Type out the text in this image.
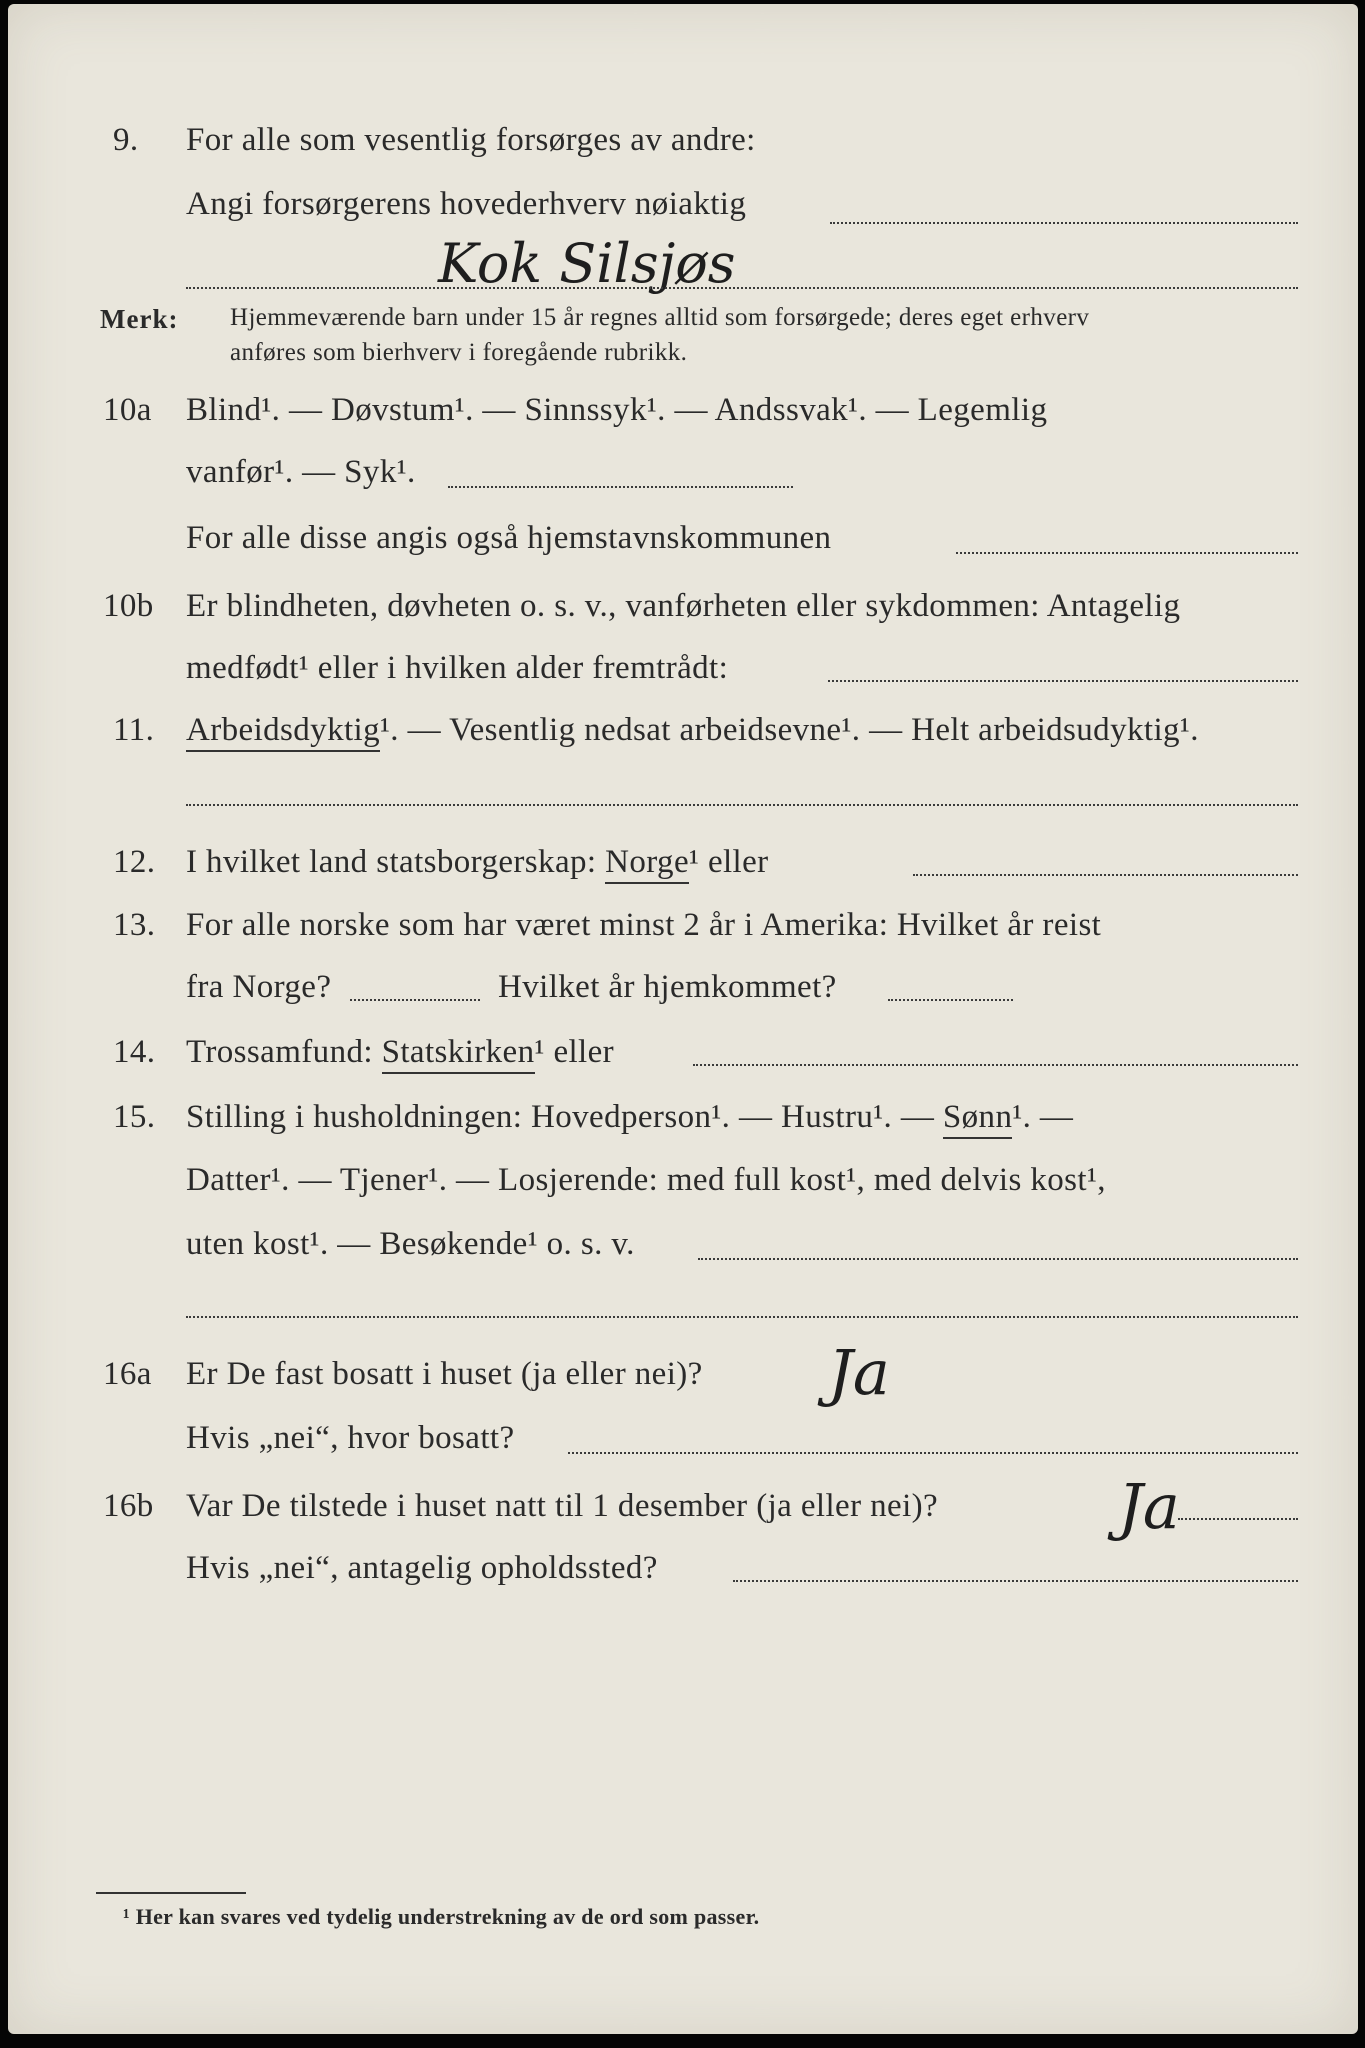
9. For alle som vesentlig forsørges av andre:
Angi forsørgerens hovederhverv nøiaktig
Kok Silsjøs
Merk: Hjemmeværende barn under 15 år regnes alltid som forsørgede; deres eget erhverv
anføres som bierhverv i foregående rubrikk.
10a Blind¹. — Døvstum¹. — Sinnssyk¹. — Andssvak¹. — Legemlig
vanfør¹. — Syk¹.
For alle disse angis også hjemstavnskommunen
10b Er blindheten, døvheten o. s. v., vanførheten eller sykdommen: Antagelig
medfødt¹ eller i hvilken alder fremtrådt:
11. Arbeidsdyktig¹. — Vesentlig nedsat arbeidsevne¹. — Helt arbeidsudyktig¹.
12. I hvilket land statsborgerskap: Norge¹ eller
13. For alle norske som har været minst 2 år i Amerika: Hvilket år reist
fra Norge?	Hvilket år hjemkommet?
14. Trossamfund: Statskirken¹ eller
15. Stilling i husholdningen: Hovedperson¹. — Hustru¹. — Sønn¹. —
Datter¹. — Tjener¹. — Losjerende: med full kost¹, med delvis kost¹,
uten kost¹. — Besøkende¹ o. s. v.
16a Er De fast bosatt i huset (ja eller nei)? Ja
Hvis „nei“, hvor bosatt?
16b Var De tilstede i huset natt til 1 desember (ja eller nei)?	Ja
Hvis „nei“, antagelig opholdssted?
¹ Her kan svares ved tydelig understrekning av de ord som passer.
